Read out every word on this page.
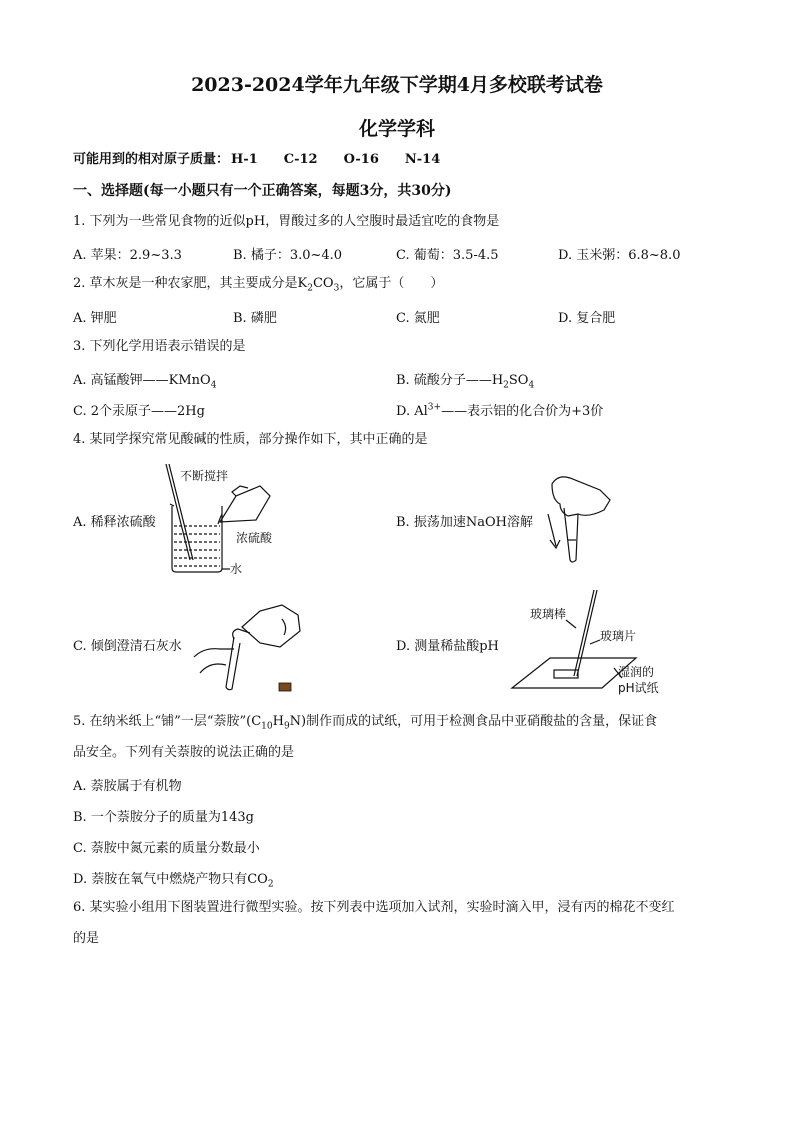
2023-2024学年九年级下学期4月多校联考试卷
化学学科
可能用到的相对原子质量： H-1 C-12 O-16 N-14
一、选择题(每一小题只有一个正确答案，每题3分，共30分)
1. 下列为一些常见食物的近似pH，胃酸过多的人空腹时最适宜吃的食物是
A. 苹果：2.9~3.3	B. 橘子：3.0~4.0	C. 葡萄：3.5-4.5	D. 玉米粥：6.8~8.0
2. 草木灰是一种农家肥，其主要成分是$K_2CO_3$，它属于（　　）
A. 钾肥	B. 磷肥	C. 氮肥	D. 复合肥
3. 下列化学用语表示错误的是
A. 高锰酸钾——KMnO$_4$	B. 硫酸分子$——H_2SO_4$
C. 2个汞原子——2Hg	D. $Al^{3+}——$表示铝的化合价为+3价
4. 某同学探究常见酸碱的性质，部分操作如下，其中正确的是
A. 稀释浓硫酸	B. 振荡加速NaOH溶解
C. 倾倒澄清石灰水	D. 测量稀盐酸pH
不断搅拌
浓硫酸
水
玻璃棒
玻璃片
湿润的
pH试纸
5. 在纳米纸上“铺”一层“萘胺$”(C_{10}H_9N)$制作而成的试纸，可用于检测食品中亚硝酸盐的含量，保证食
品安全。下列有关萘胺的说法正确的是
A. 萘胺属于有机物
B. 一个萘胺分子的质量为143g
C. 萘胺中氮元素的质量分数最小
D. 萘胺在氧气中燃烧产物只有$CO_2$
6. 某实验小组用下图装置进行微型实验。按下列表中选项加入试剂，实验时滴入甲，浸有丙的棉花不变红
的是
